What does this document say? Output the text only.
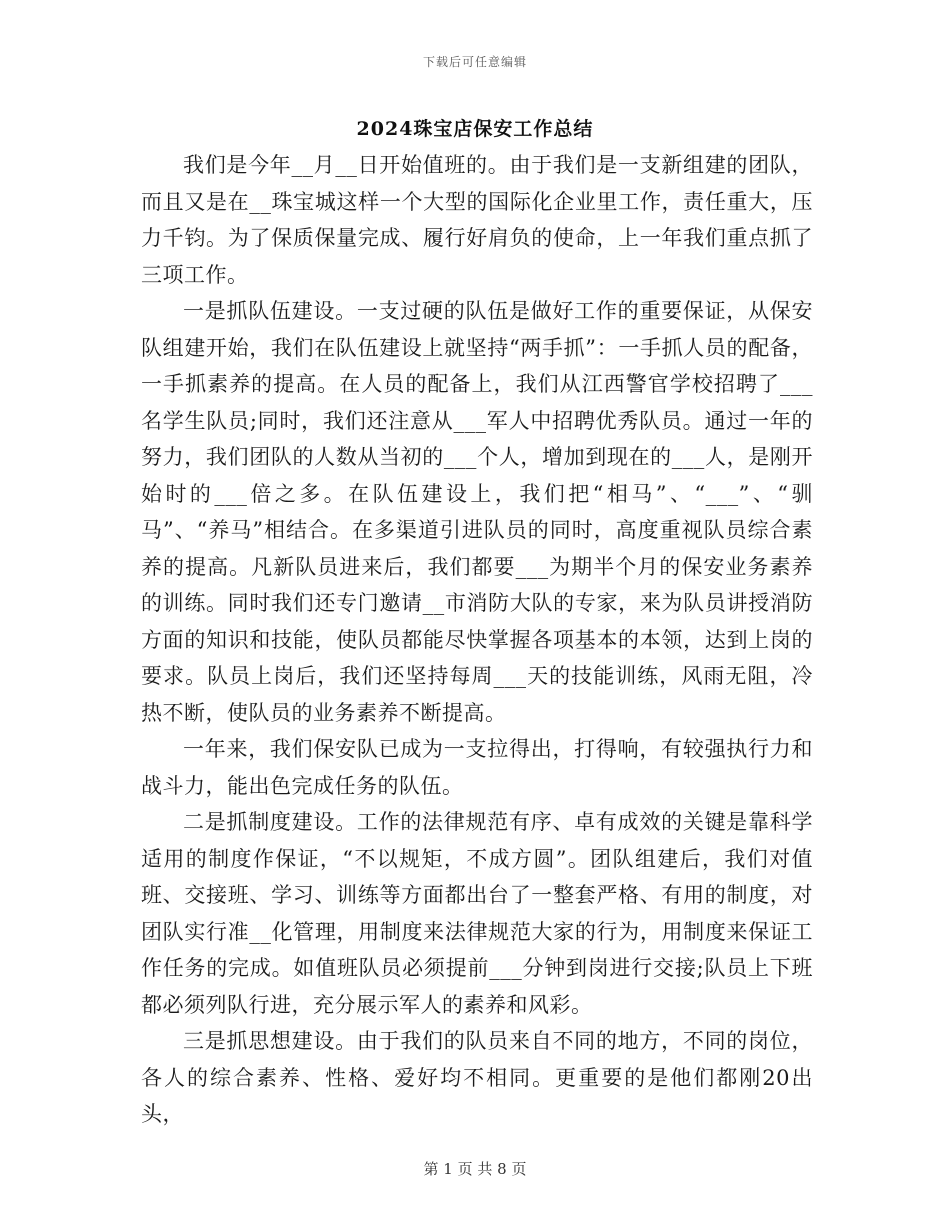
下载后可任意编辑
2024珠宝店保安工作总结

我们是今年__月__日开始值班的。由于我们是一支新组建的团队，而且又是在__珠宝城这样一个大型的国际化企业里工作，责任重大，压力千钧。为了保质保量完成、履行好肩负的使命，上一年我们重点抓了三项工作。

一是抓队伍建设。一支过硬的队伍是做好工作的重要保证，从保安队组建开始，我们在队伍建设上就坚持“两手抓”：一手抓人员的配备，一手抓素养的提高。在人员的配备上，我们从江西警官学校招聘了___名学生队员;同时，我们还注意从___军人中招聘优秀队员。通过一年的努力，我们团队的人数从当初的___个人，增加到现在的___人，是刚开始时的___倍之多。在队伍建设上，我们把“相马”、“___”、“驯马”、“养马”相结合。在多渠道引进队员的同时，高度重视队员综合素养的提高。凡新队员进来后，我们都要___为期半个月的保安业务素养的训练。同时我们还专门邀请__市消防大队的专家，来为队员讲授消防方面的知识和技能，使队员都能尽快掌握各项基本的本领，达到上岗的要求。队员上岗后，我们还坚持每周___天的技能训练，风雨无阻，冷热不断，使队员的业务素养不断提高。

一年来，我们保安队已成为一支拉得出，打得响，有较强执行力和战斗力，能出色完成任务的队伍。

二是抓制度建设。工作的法律规范有序、卓有成效的关键是靠科学适用的制度作保证，“不以规矩，不成方圆”。团队组建后，我们对值班、交接班、学习、训练等方面都出台了一整套严格、有用的制度，对团队实行准__化管理，用制度来法律规范大家的行为，用制度来保证工作任务的完成。如值班队员必须提前___分钟到岗进行交接;队员上下班都必须列队行进，充分展示军人的素养和风彩。

三是抓思想建设。由于我们的队员来自不同的地方，不同的岗位，各人的综合素养、性格、爱好均不相同。更重要的是他们都刚20出头，

第 1 页 共 8 页
